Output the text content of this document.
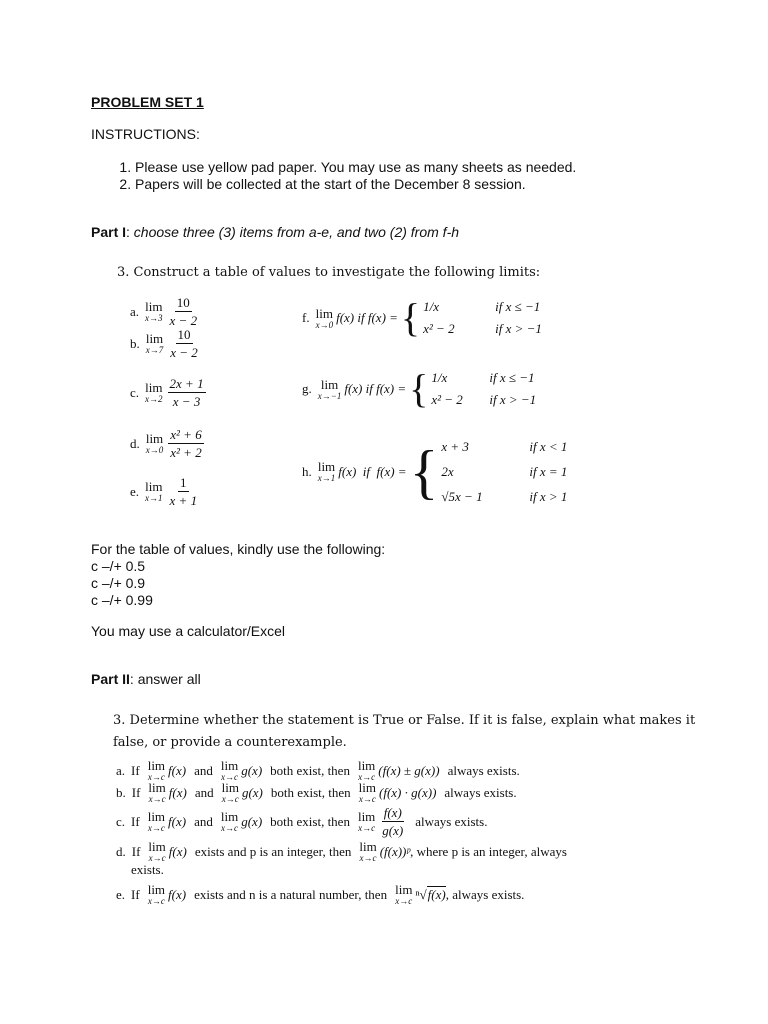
PROBLEM SET 1
INSTRUCTIONS:
1. Please use yellow pad paper. You may use as many sheets as needed.
2. Papers will be collected at the start of the December 8 session.
Part I: choose three (3) items from a-e, and two (2) from f-h
3. Construct a table of values to investigate the following limits:
a. lim
$x\to 3 \frac{10}{x - 2}$
b. lim
$x\to 7 \frac{10}{x - 2}$
c. lim
$x\to 2 \frac{2x + 1}{x - 3}$
d. lim
$x\to 0 \frac{\text{x² + 6}}{\text{x² + 2}}$
e. lim
$x\to 1 \frac{1}{x + 1}$
f. lim
x→0 f(x) if f(x) = { 1/x	if x ≤ −1
x² − 2	if x > −1
g. lim
x→−1 f(x) if f(x) = { 1/x	if x ≤ −1
x² − 2	if x > −1
h. lim
x→1 f(x)  if  f(x) = { x + 3	if x < 1
2x	if x = 1
√5x − 1	if x > 1
For the table of values, kindly use the following:
c –/+ 0.5
c –/+ 0.9
c –/+ 0.99
You may use a calculator/Excel
Part II: answer all
3. Determine whether the statement is True or False. If it is false, explain what makes it
false, or provide a counterexample.
a. If lim
x→c f(x) and lim
x→c g(x) both exist, then lim
x→c (f(x) ± g(x)) always exists.
b. If lim
x→c f(x) and lim
x→c g(x) both exist, then lim
x→c (f(x) · g(x)) always exists.
c. If lim
x→c f(x) and lim
x→c g(x) both exist, then lim
$x\to c \frac{f(x)}{g(x)}$ always exists.
d. If lim
x→c f(x) exists and p is an integer, then lim
x→c (f(x))ᵖ , where p is an integer, always
exists.
e. If lim
x→c f(x) exists and n is a natural number, then lim
x→c ⁿ√ f(x) , always exists.
